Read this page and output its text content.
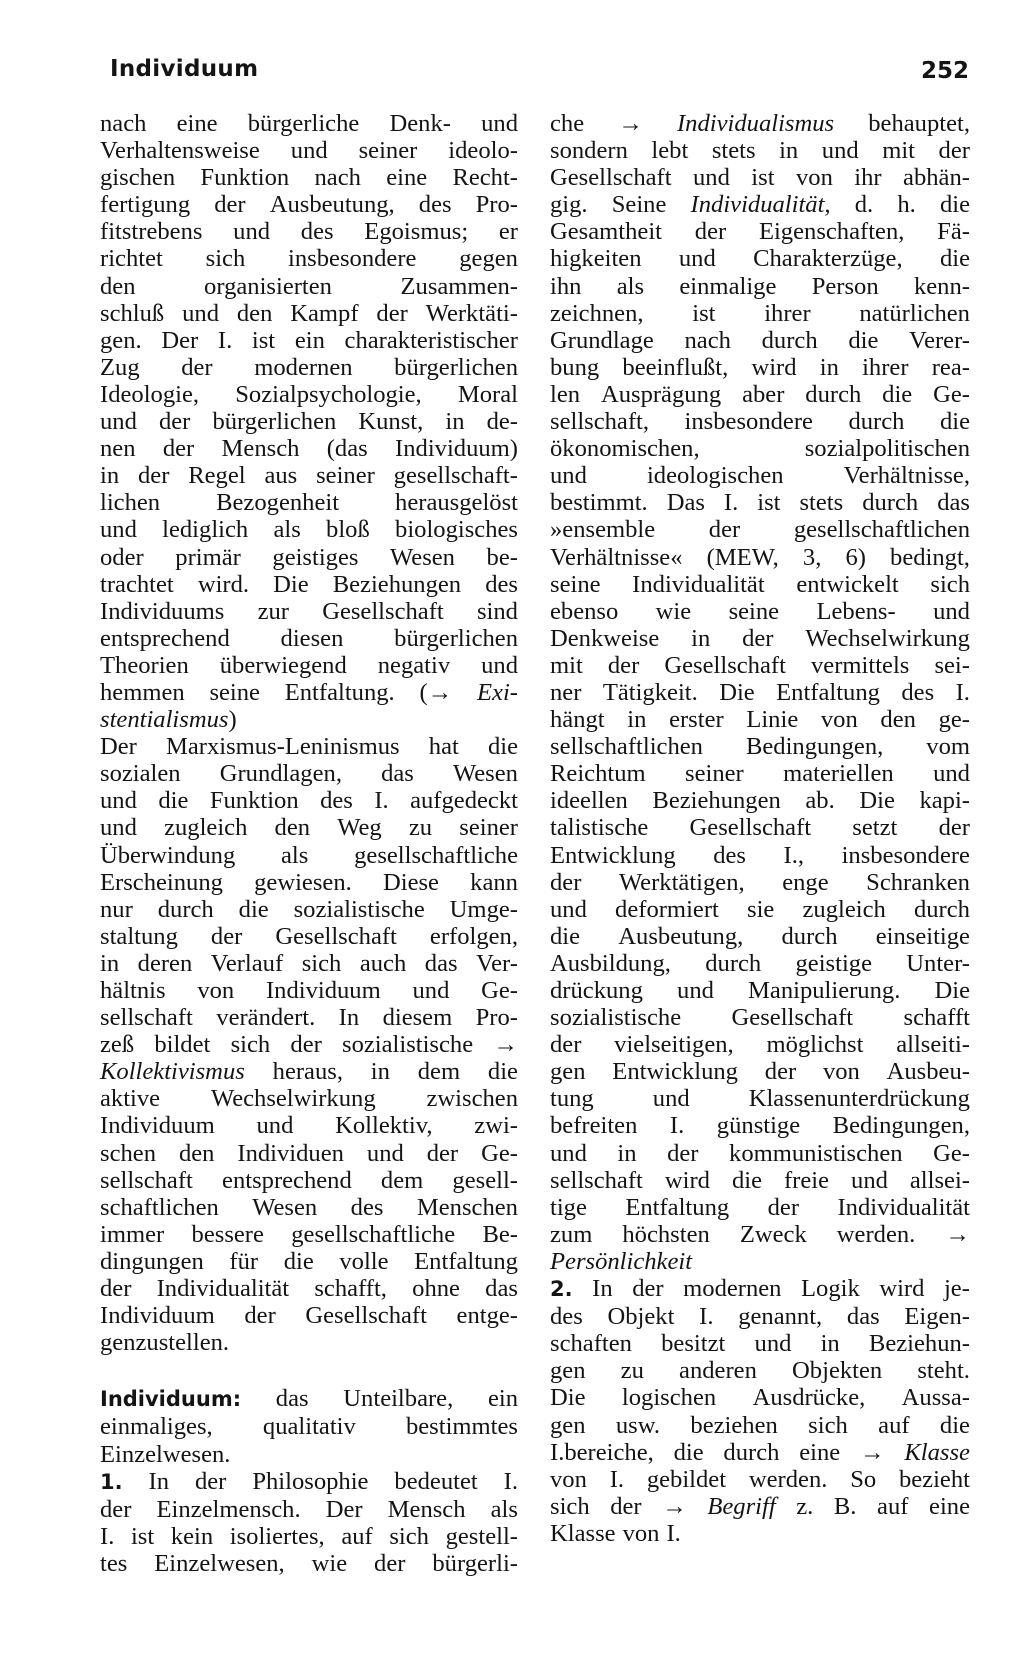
Individuum	252
nach eine bürgerliche Denk- und
Verhaltensweise und seiner ideolo-
gischen Funktion nach eine Recht-
fertigung der Ausbeutung, des Pro-
fitstrebens und des Egoismus; er
richtet sich insbesondere gegen
den	organisierten	Zusammen-
schluß und den Kampf der Werktäti-
gen. Der I. ist ein charakteristischer
Zug der modernen bürgerlichen
Ideologie, Sozialpsychologie, Moral
und der bürgerlichen Kunst, in de-
nen der Mensch (das Individuum)
in der Regel aus seiner gesellschaft-
lichen Bezogenheit herausgelöst
und lediglich als bloß biologisches
oder primär geistiges Wesen be-
trachtet wird. Die Beziehungen des
Individuums zur Gesellschaft sind
entsprechend diesen bürgerlichen
Theorien überwiegend negativ und
hemmen seine Entfaltung. (→ Exi-
stentialismus)
Der Marxismus-Leninismus hat die
sozialen Grundlagen, das Wesen
und die Funktion des I. aufgedeckt
und zugleich den Weg zu seiner
Überwindung als gesellschaftliche
Erscheinung gewiesen. Diese kann
nur durch die sozialistische Umge-
staltung der Gesellschaft erfolgen,
in deren Verlauf sich auch das Ver-
hältnis von Individuum und Ge-
sellschaft verändert. In diesem Pro-
zeß bildet sich der sozialistische →
Kollektivismus heraus, in dem die
aktive Wechselwirkung zwischen
Individuum und Kollektiv, zwi-
schen den Individuen und der Ge-
sellschaft entsprechend dem gesell-
schaftlichen Wesen des Menschen
immer bessere gesellschaftliche Be-
dingungen für die volle Entfaltung
der Individualität schafft, ohne das
Individuum der Gesellschaft entge-
genzustellen.
Individuum: das Unteilbare, ein
einmaliges, qualitativ bestimmtes
Einzelwesen.
1. In der Philosophie bedeutet I.
der Einzelmensch. Der Mensch als
I. ist kein isoliertes, auf sich gestell-
tes Einzelwesen, wie der bürgerli-
che → Individualismus behauptet,
sondern lebt stets in und mit der
Gesellschaft und ist von ihr abhän-
gig. Seine Individualität, d. h. die
Gesamtheit der Eigenschaften, Fä-
higkeiten und Charakterzüge, die
ihn als einmalige Person kenn-
zeichnen, ist ihrer natürlichen
Grundlage nach durch die Verer-
bung beeinflußt, wird in ihrer rea-
len Ausprägung aber durch die Ge-
sellschaft, insbesondere durch die
ökonomischen,	sozialpolitischen
und ideologischen Verhältnisse,
bestimmt. Das I. ist stets durch das
»ensemble der gesellschaftlichen
Verhältnisse« (MEW, 3, 6) bedingt,
seine Individualität entwickelt sich
ebenso wie seine Lebens- und
Denkweise in der Wechselwirkung
mit der Gesellschaft vermittels sei-
ner Tätigkeit. Die Entfaltung des I.
hängt in erster Linie von den ge-
sellschaftlichen Bedingungen, vom
Reichtum seiner materiellen und
ideellen Beziehungen ab. Die kapi-
talistische Gesellschaft setzt der
Entwicklung des I., insbesondere
der Werktätigen, enge Schranken
und deformiert sie zugleich durch
die Ausbeutung, durch einseitige
Ausbildung, durch geistige Unter-
drückung und Manipulierung. Die
sozialistische Gesellschaft schafft
der vielseitigen, möglichst allseiti-
gen Entwicklung der von Ausbeu-
tung und Klassenunterdrückung
befreiten I. günstige Bedingungen,
und in der kommunistischen Ge-
sellschaft wird die freie und allsei-
tige Entfaltung der Individualität
zum höchsten Zweck werden. →
Persönlichkeit
2. In der modernen Logik wird je-
des Objekt I. genannt, das Eigen-
schaften besitzt und in Beziehun-
gen zu anderen Objekten steht.
Die logischen Ausdrücke, Aussa-
gen usw. beziehen sich auf die
I.bereiche, die durch eine → Klasse
von I. gebildet werden. So bezieht
sich der → Begriff z. B. auf eine
Klasse von I.
